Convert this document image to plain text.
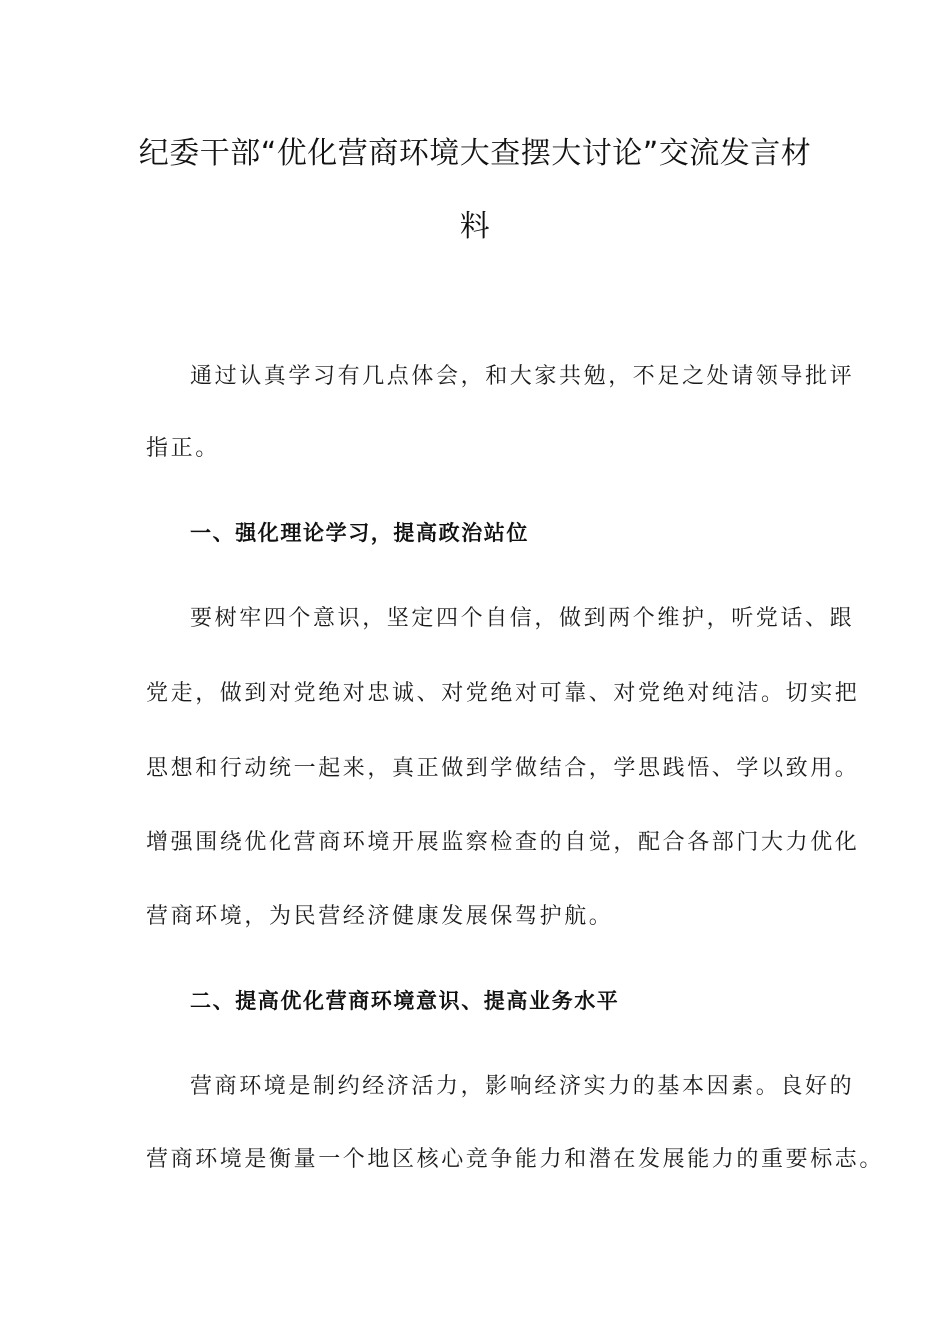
纪委干部“优化营商环境大查摆大讨论”交流发言材
料

通过认真学习有几点体会，和大家共勉，不足之处请领导批评

指正。

一、强化理论学习，提高政治站位

要树牢四个意识，坚定四个自信，做到两个维护，听党话、跟

党走，做到对党绝对忠诚、对党绝对可靠、对党绝对纯洁。切实把

思想和行动统一起来，真正做到学做结合，学思践悟、学以致用。

增强围绕优化营商环境开展监察检查的自觉，配合各部门大力优化

营商环境，为民营经济健康发展保驾护航。

二、提高优化营商环境意识、提高业务水平

营商环境是制约经济活力，影响经济实力的基本因素。良好的

营商环境是衡量一个地区核心竞争能力和潜在发展能力的重要标志。
